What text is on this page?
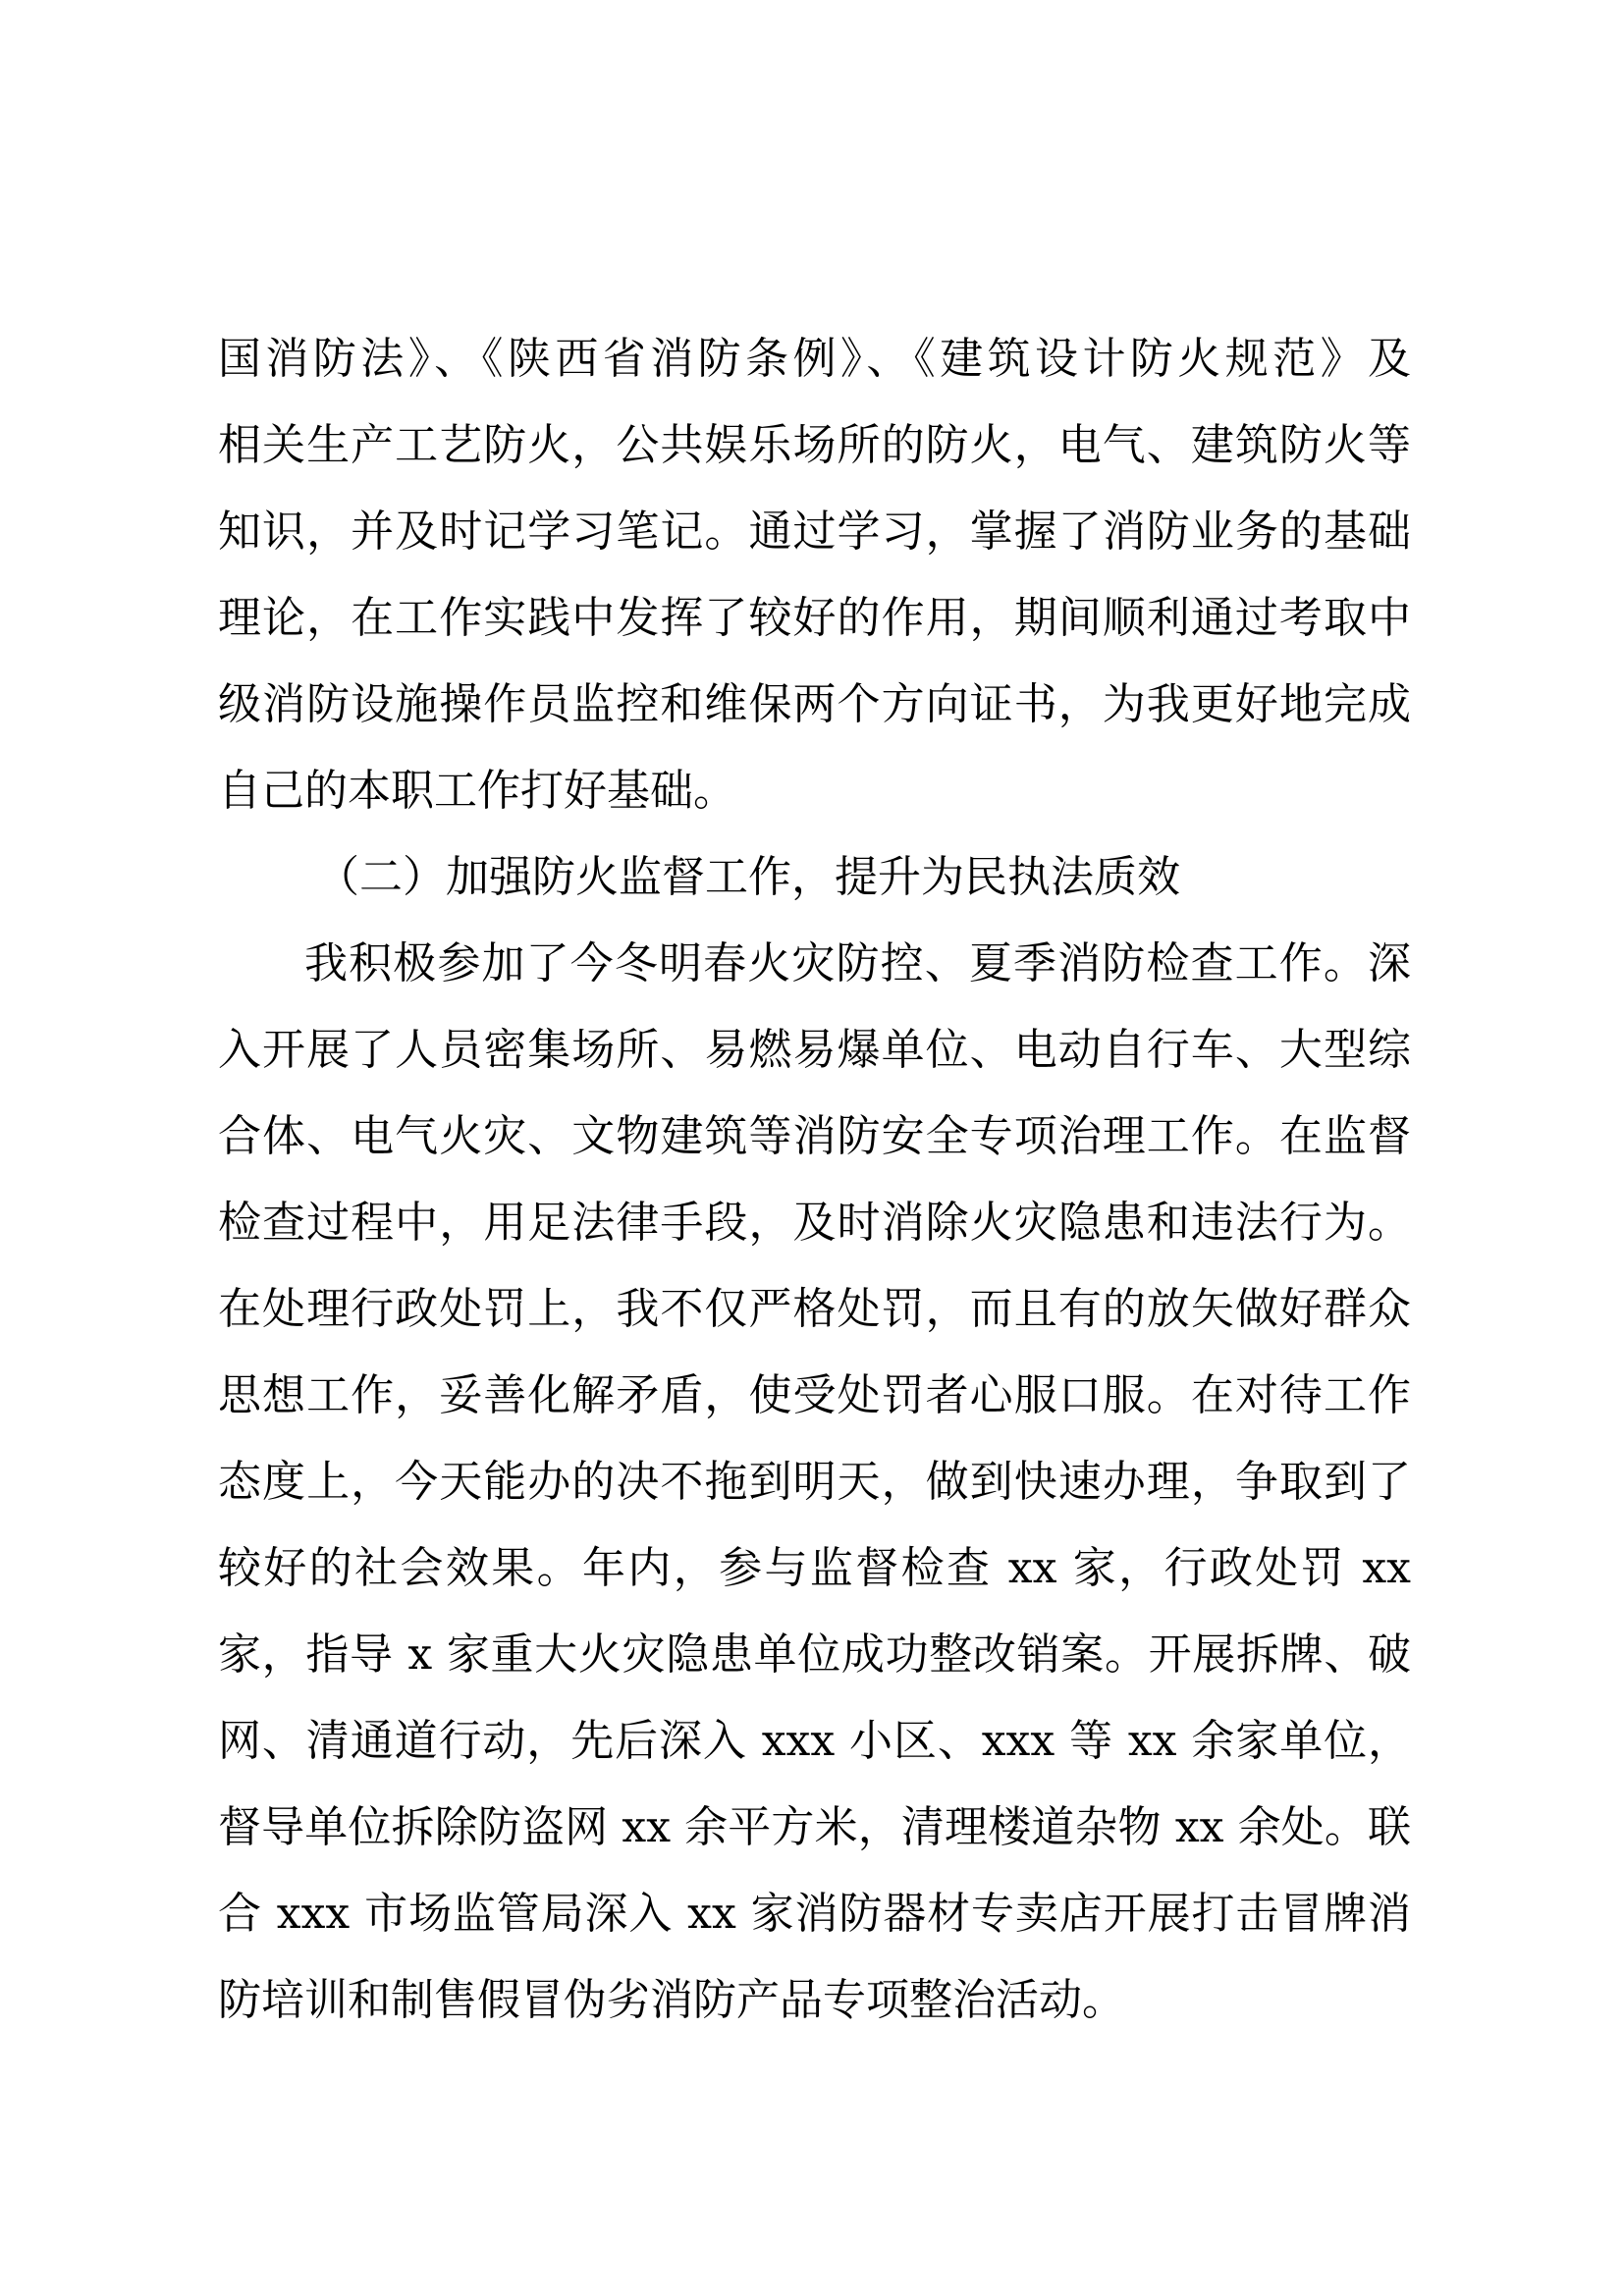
国消防法》、《陕西省消防条例》、《建筑设计防火规范》及
相关生产工艺防火，公共娱乐场所的防火，电气、建筑防火等
知识，并及时记学习笔记。通过学习，掌握了消防业务的基础
理论，在工作实践中发挥了较好的作用，期间顺利通过考取中
级消防设施操作员监控和维保两个方向证书，为我更好地完成
自己的本职工作打好基础。
（二）加强防火监督工作，提升为民执法质效
我积极参加了今冬明春火灾防控、夏季消防检查工作。深
入开展了人员密集场所、易燃易爆单位、电动自行车、大型综
合体、电气火灾、文物建筑等消防安全专项治理工作。在监督
检查过程中，用足法律手段，及时消除火灾隐患和违法行为。
在处理行政处罚上，我不仅严格处罚，而且有的放矢做好群众
思想工作，妥善化解矛盾，使受处罚者心服口服。在对待工作
态度上，今天能办的决不拖到明天，做到快速办理，争取到了
较好的社会效果。年内，参与监督检查 xx 家，行政处罚 xx
家，指导 x 家重大火灾隐患单位成功整改销案。开展拆牌、破
网、清通道行动，先后深入 xxx 小区、xxx 等 xx 余家单位，
督导单位拆除防盗网 xx 余平方米，清理楼道杂物 xx 余处。联
合 xxx 市场监管局深入 xx 家消防器材专卖店开展打击冒牌消
防培训和制售假冒伪劣消防产品专项整治活动。
